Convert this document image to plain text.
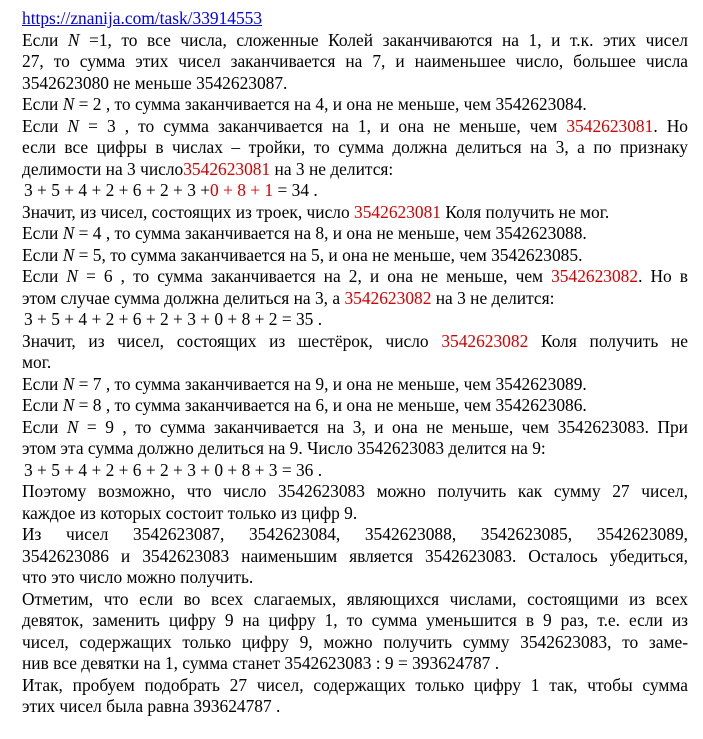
https://znanija.com/task/33914553
Если N =1, то все числа, сложенные Колей заканчиваются на 1, и т.к. этих чисел
27, то сумма этих чисел заканчивается на 7, и наименьшее число, большее числа
3542623080 не меньше 3542623087.
Если N = 2 , то сумма заканчивается на 4, и она не меньше, чем 3542623084.
Если N = 3 , то сумма заканчивается на 1, и она не меньше, чем 3542623081. Но
если все цифры в числах – тройки, то сумма должна делиться на 3, а по признаку
делимости на 3 число3542623081 на 3 не делится:
3 + 5 + 4 + 2 + 6 + 2 + 3 +0 + 8 + 1 = 34 .
Значит, из чисел, состоящих из троек, число 3542623081 Коля получить не мог.
Если N = 4 , то сумма заканчивается на 8, и она не меньше, чем 3542623088.
Если N = 5, то сумма заканчивается на 5, и она не меньше, чем 3542623085.
Если N = 6 , то сумма заканчивается на 2, и она не меньше, чем 3542623082. Но в
этом случае сумма должна делиться на 3, а 3542623082 на 3 не делится:
3 + 5 + 4 + 2 + 6 + 2 + 3 + 0 + 8 + 2 = 35 .
Значит, из чисел, состоящих из шестёрок, число 3542623082 Коля получить не
мог.
Если N = 7 , то сумма заканчивается на 9, и она не меньше, чем 3542623089.
Если N = 8 , то сумма заканчивается на 6, и она не меньше, чем 3542623086.
Если N = 9 , то сумма заканчивается на 3, и она не меньше, чем 3542623083. При
этом эта сумма должно делиться на 9. Число 3542623083 делится на 9:
3 + 5 + 4 + 2 + 6 + 2 + 3 + 0 + 8 + 3 = 36 .
Поэтому возможно, что число 3542623083 можно получить как сумму 27 чисел,
каждое из которых состоит только из цифр 9.
Из чисел 3542623087, 3542623084, 3542623088, 3542623085, 3542623089,
3542623086 и 3542623083 наименьшим является 3542623083. Осталось убедиться,
что это число можно получить.
Отметим, что если во всех слагаемых, являющихся числами, состоящими из всех
девяток, заменить цифру 9 на цифру 1, то сумма уменьшится в 9 раз, т.е. если из
чисел, содержащих только цифру 9, можно получить сумму 3542623083, то заме-
нив все девятки на 1, сумма станет 3542623083 : 9 = 393624787 .
Итак, пробуем подобрать 27 чисел, содержащих только цифру 1 так, чтобы сумма
этих чисел была равна 393624787 .
